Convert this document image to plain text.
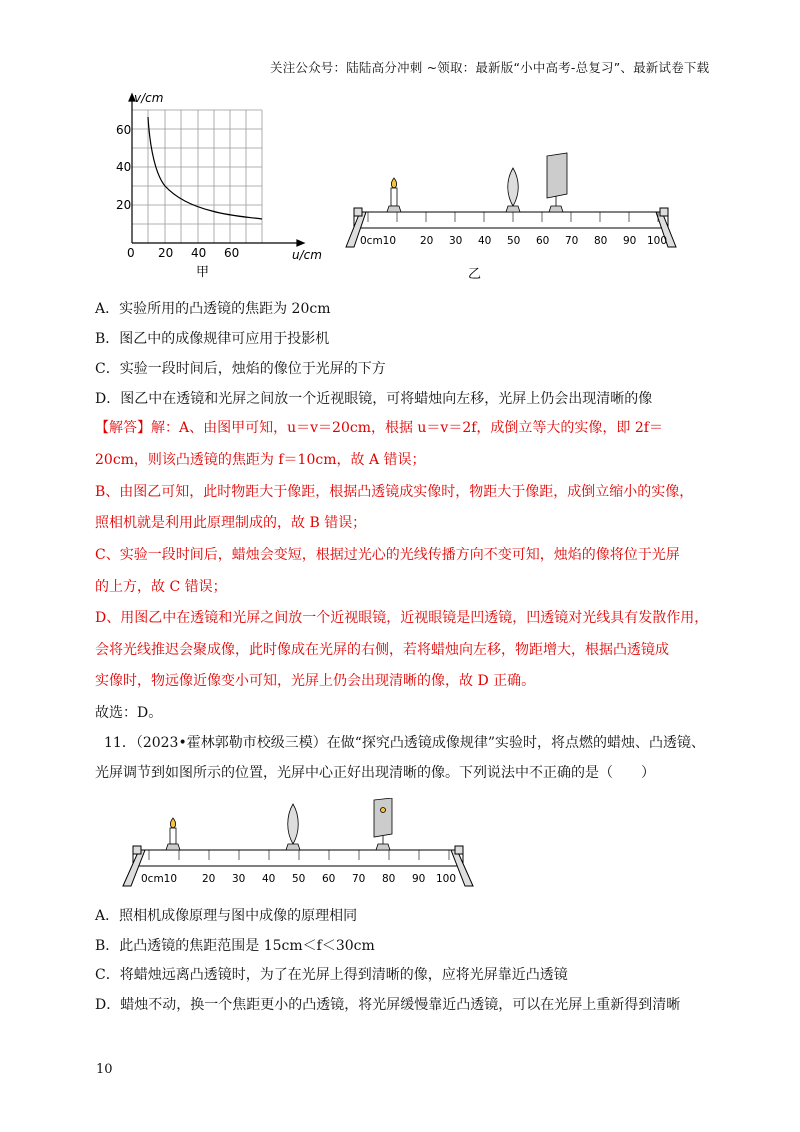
关注公众号：陆陆高分冲刺 ~领取：最新版“小中高考-总复习”、最新试卷下载
v/cm
60
40
20
0 20 40 60	u/cm
甲
0cm10 20 30 40 50 60 70 80 90 100
乙
A．实验所用的凸透镜的焦距为 20cm
B．图乙中的成像规律可应用于投影机
C．实验一段时间后，烛焰的像位于光屏的下方
D．图乙中在透镜和光屏之间放一个近视眼镜，可将蜡烛向左移，光屏上仍会出现清晰的像
【解答】解：A、由图甲可知，u＝v＝20cm，根据 u＝v＝2f，成倒立等大的实像，即 2f＝
20cm，则该凸透镜的焦距为 f＝10cm，故 A 错误；
B、由图乙可知，此时物距大于像距，根据凸透镜成实像时，物距大于像距，成倒立缩小的实像，
照相机就是利用此原理制成的，故 B 错误；
C、实验一段时间后，蜡烛会变短，根据过光心的光线传播方向不变可知，烛焰的像将位于光屏
的上方，故 C 错误；
D、用图乙中在透镜和光屏之间放一个近视眼镜，近视眼镜是凹透镜，凹透镜对光线具有发散作用，
会将光线推迟会聚成像，此时像成在光屏的右侧，若将蜡烛向左移，物距增大，根据凸透镜成
实像时，物远像近像变小可知，光屏上仍会出现清晰的像，故 D 正确。
故选：D。
11．（2023•霍林郭勒市校级三模）在做“探究凸透镜成像规律”实验时，将点燃的蜡烛、凸透镜、
光屏调节到如图所示的位置，光屏中心正好出现清晰的像。下列说法中不正确的是（　　）
0cm10 20 30 40 50 60 70 80 90 100
A．照相机成像原理与图中成像的原理相同
B．此凸透镜的焦距范围是 15cm＜f＜30cm
C．将蜡烛远离凸透镜时，为了在光屏上得到清晰的像，应将光屏靠近凸透镜
D．蜡烛不动，换一个焦距更小的凸透镜，将光屏缓慢靠近凸透镜，可以在光屏上重新得到清晰
10
